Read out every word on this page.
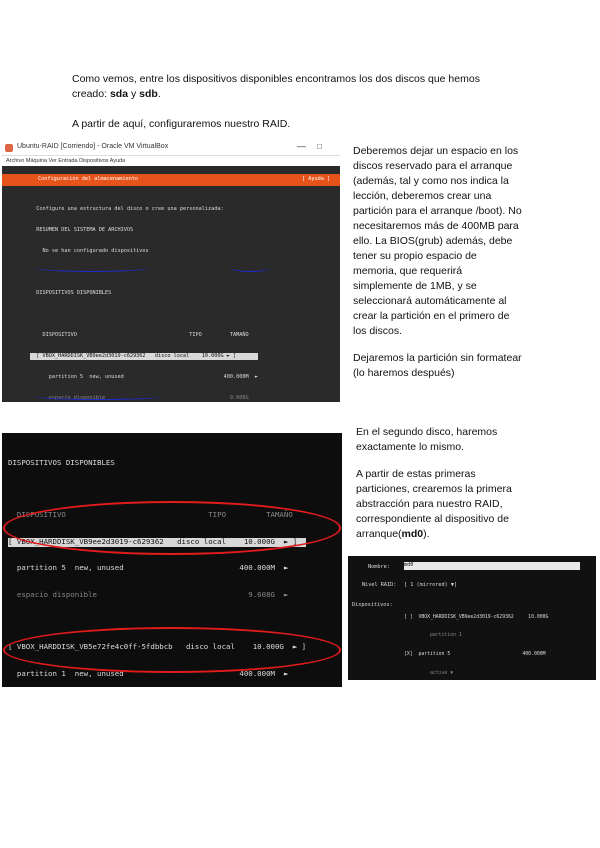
Como vemos, entre los dispositivos disponibles encontramos los dos discos que hemos
creado: sda y sdb.
A partir de aquí, configuraremos nuestro RAID.
Ubuntu-RAID [Corriendo] - Oracle VM VirtualBox	— □
Archivo Máquina Ver Entrada Dispositivos Ayuda
Configuración del almacenamiento	[ Ayuda ]

Configure una estructura del disco o cree una personalizada:

RESUMEN DEL SISTEMA DE ARCHIVOS

No se han configurado dispositivos

DISPOSITIVOS DISPONIBLES

DISPOSITIVO                                    TIPO         TAMAÑO

[ VBOX_HARDDISK_VB9ee2d3019-c629362   disco local    10.000G ► ]

partition 5  new, unused                                400.000M  ►

espacio disponible                                        9.608G

Deberemos dejar un espacio en los discos reservado para el arranque (además, tal y como nos indica la lección, deberemos crear una partición para el arranque /boot). No necesitaremos más de 400MB para ello. La BIOS(grub) además, debe tener su propio espacio de memoria, que requerirá simplemente de 1MB, y se seleccionará automáticamente al crear la partición en el primero de los discos.
Dejaremos la partición sin formatear (lo haremos después)

DISPOSITIVOS DISPONIBLES

DISPOSITIVO                                TIPO         TAMAÑO

[ VBOX_HARDDISK_VB9ee2d3019-c629362   disco local    10.000G  ► ]

partition 5  new, unused                          400.000M  ►

espacio disponible                                  9.608G  ►

[ VBOX_HARDDISK_VB5e72fe4c0ff-5fdbbcb   disco local    10.000G  ► ]

partition 1  new, unused                          400.000M  ►

En el segundo disco, haremos exactamente lo mismo.
A partir de estas primeras particiones, crearemos la primera abstracción para nuestro RAID, correspondiente al dispositivo de arranque(md0).
Nombre:	md0
Nivel RAID: [ 1 (mirrored) ▼]
Dispositivos:

[ ]  VBOX_HARDDISK_VB9ee2d3019-c629362     10.000G

partition 1

[X]  partition 5                         400.000M

active ▼
